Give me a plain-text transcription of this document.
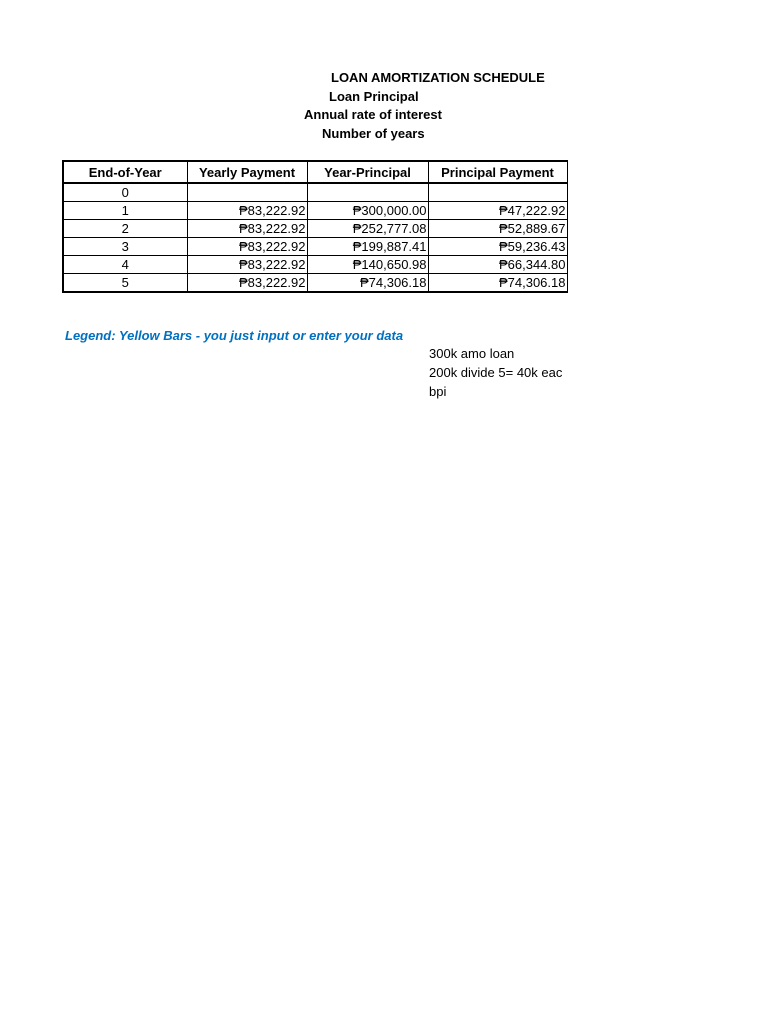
LOAN AMORTIZATION SCHEDULE
Loan Principal
Annual rate of interest
Number of years
End-of-Year	Yearly Payment	Year-Principal	Principal Payment
0			
1	₱83,222.92	₱300,000.00	₱47,222.92
2	₱83,222.92	₱252,777.08	₱52,889.67
3	₱83,222.92	₱199,887.41	₱59,236.43
4	₱83,222.92	₱140,650.98	₱66,344.80
5	₱83,222.92	₱74,306.18	₱74,306.18
Legend: Yellow Bars - you just input or enter your data
300k amo loan
200k divide 5= 40k eac
bpi
